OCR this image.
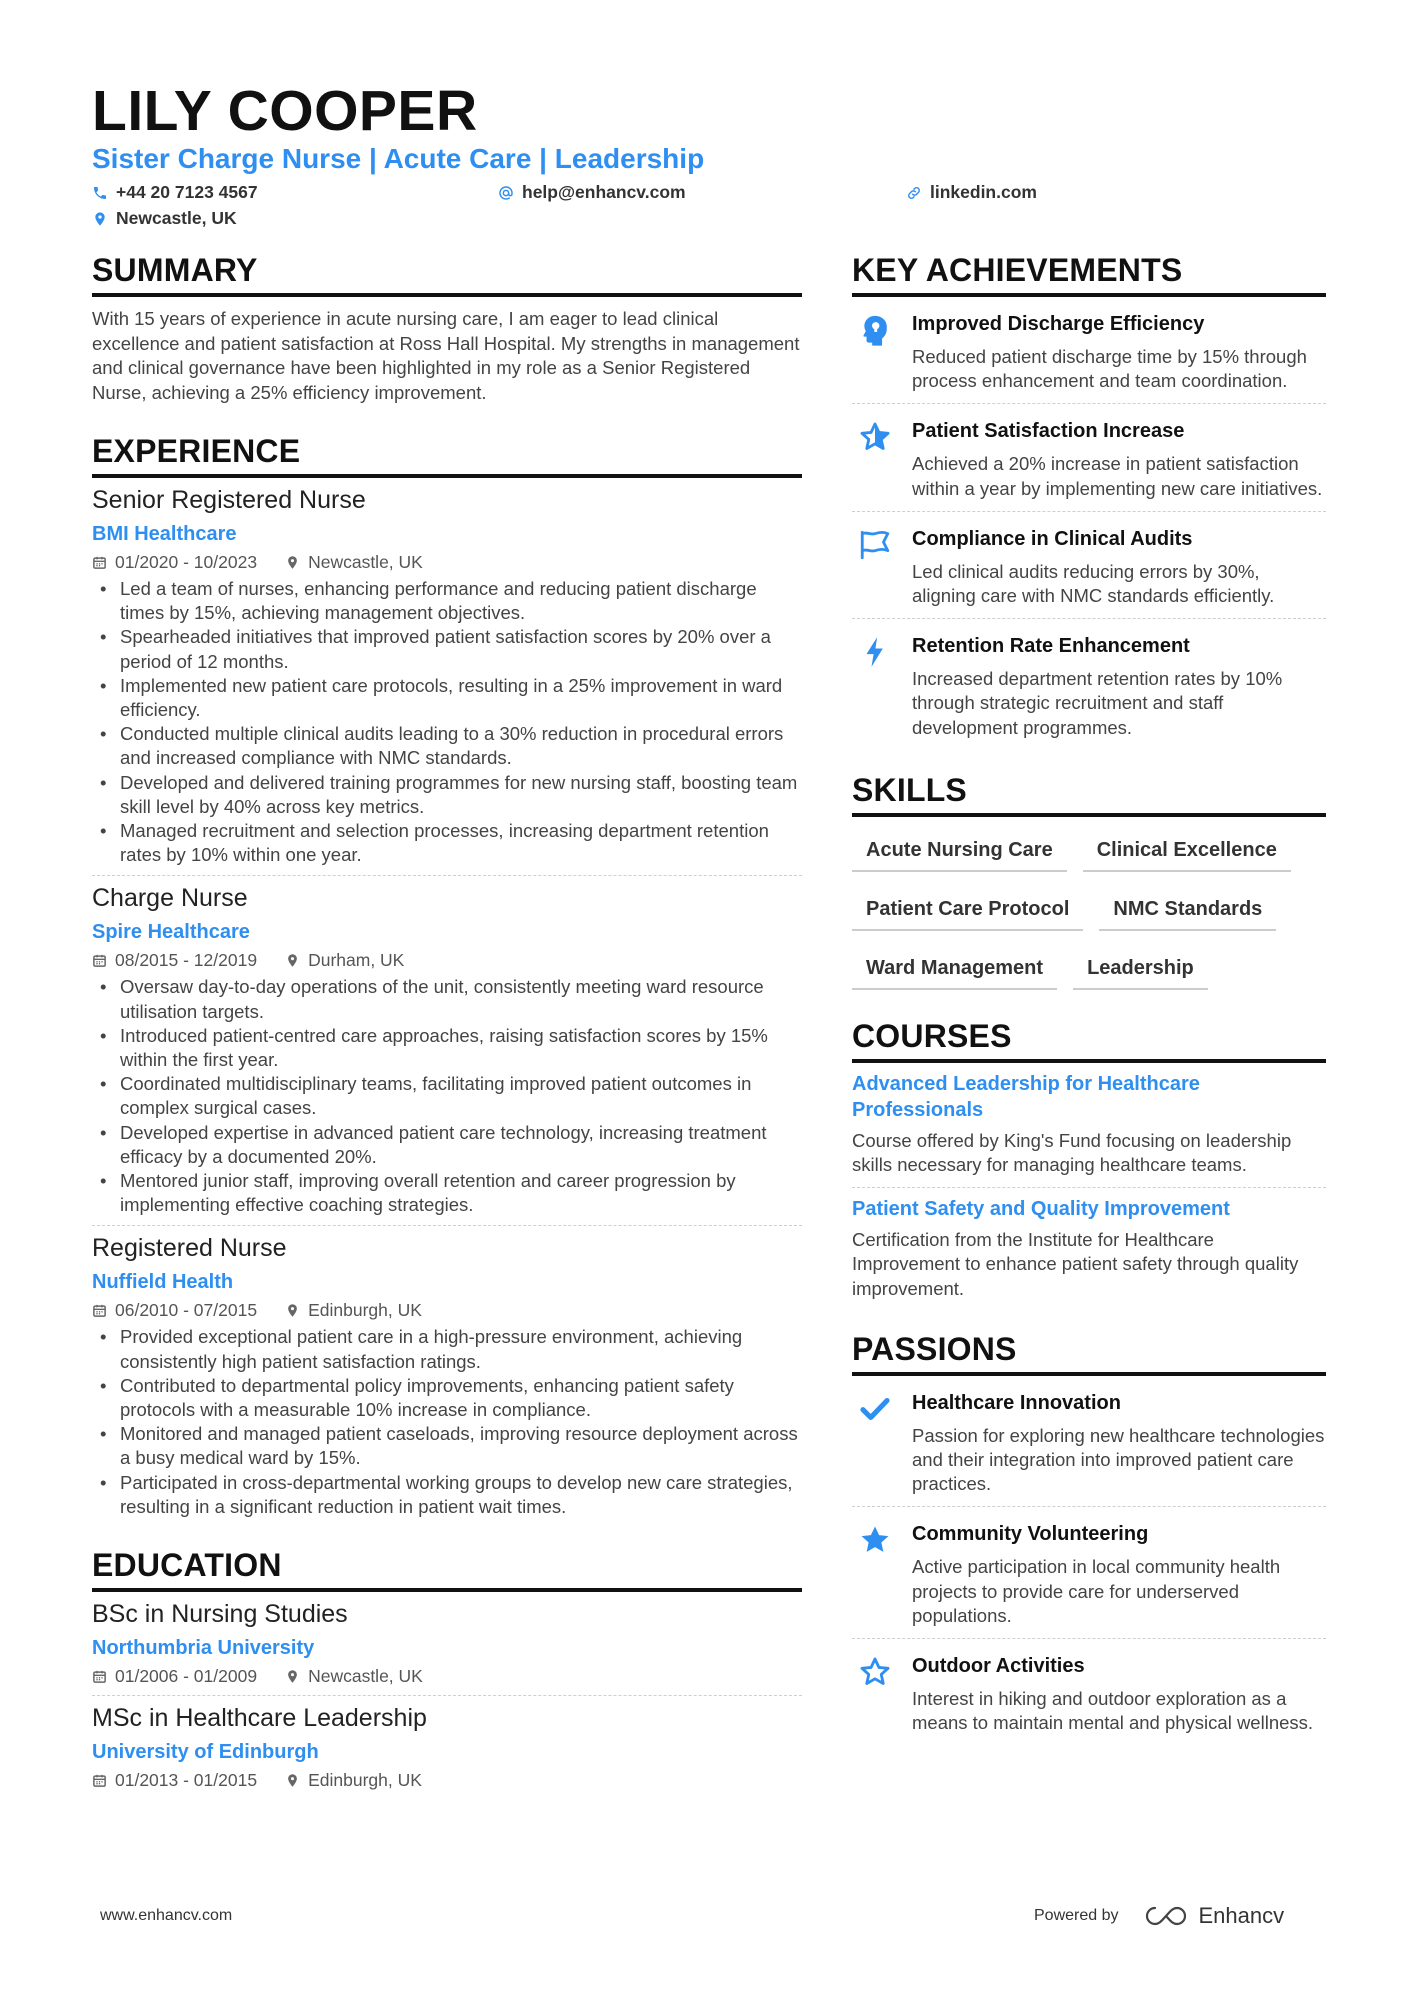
LILY COOPER
Sister Charge Nurse | Acute Care | Leadership
+44 20 7123 4567	help@enhancv.com	linkedin.com
Newcastle, UK
SUMMARY
With 15 years of experience in acute nursing care, I am eager to lead clinical excellence and patient satisfaction at Ross Hall Hospital. My strengths in management and clinical governance have been highlighted in my role as a Senior Registered Nurse, achieving a 25% efficiency improvement.
EXPERIENCE
Senior Registered Nurse
BMI Healthcare
01/2020 - 10/2023	Newcastle, UK
• Led a team of nurses, enhancing performance and reducing patient discharge times by 15%, achieving management objectives.
• Spearheaded initiatives that improved patient satisfaction scores by 20% over a period of 12 months.
• Implemented new patient care protocols, resulting in a 25% improvement in ward efficiency.
• Conducted multiple clinical audits leading to a 30% reduction in procedural errors and increased compliance with NMC standards.
• Developed and delivered training programmes for new nursing staff, boosting team skill level by 40% across key metrics.
• Managed recruitment and selection processes, increasing department retention rates by 10% within one year.
Charge Nurse
Spire Healthcare
08/2015 - 12/2019	Durham, UK
• Oversaw day-to-day operations of the unit, consistently meeting ward resource utilisation targets.
• Introduced patient-centred care approaches, raising satisfaction scores by 15% within the first year.
• Coordinated multidisciplinary teams, facilitating improved patient outcomes in complex surgical cases.
• Developed expertise in advanced patient care technology, increasing treatment efficacy by a documented 20%.
• Mentored junior staff, improving overall retention and career progression by implementing effective coaching strategies.
Registered Nurse
Nuffield Health
06/2010 - 07/2015	Edinburgh, UK
• Provided exceptional patient care in a high-pressure environment, achieving consistently high patient satisfaction ratings.
• Contributed to departmental policy improvements, enhancing patient safety protocols with a measurable 10% increase in compliance.
• Monitored and managed patient caseloads, improving resource deployment across a busy medical ward by 15%.
• Participated in cross-departmental working groups to develop new care strategies, resulting in a significant reduction in patient wait times.
EDUCATION
BSc in Nursing Studies
Northumbria University
01/2006 - 01/2009	Newcastle, UK
MSc in Healthcare Leadership
University of Edinburgh
01/2013 - 01/2015	Edinburgh, UK
KEY ACHIEVEMENTS
Improved Discharge Efficiency
Reduced patient discharge time by 15% through process enhancement and team coordination.
Patient Satisfaction Increase
Achieved a 20% increase in patient satisfaction within a year by implementing new care initiatives.
Compliance in Clinical Audits
Led clinical audits reducing errors by 30%, aligning care with NMC standards efficiently.
Retention Rate Enhancement
Increased department retention rates by 10% through strategic recruitment and staff development programmes.
SKILLS
Acute Nursing Care	Clinical Excellence
Patient Care Protocol	NMC Standards
Ward Management	Leadership
COURSES
Advanced Leadership for Healthcare Professionals
Course offered by King's Fund focusing on leadership skills necessary for managing healthcare teams.
Patient Safety and Quality Improvement
Certification from the Institute for Healthcare Improvement to enhance patient safety through quality improvement.
PASSIONS
Healthcare Innovation
Passion for exploring new healthcare technologies and their integration into improved patient care practices.
Community Volunteering
Active participation in local community health projects to provide care for underserved populations.
Outdoor Activities
Interest in hiking and outdoor exploration as a means to maintain mental and physical wellness.
www.enhancv.com	Powered by	Enhancv
